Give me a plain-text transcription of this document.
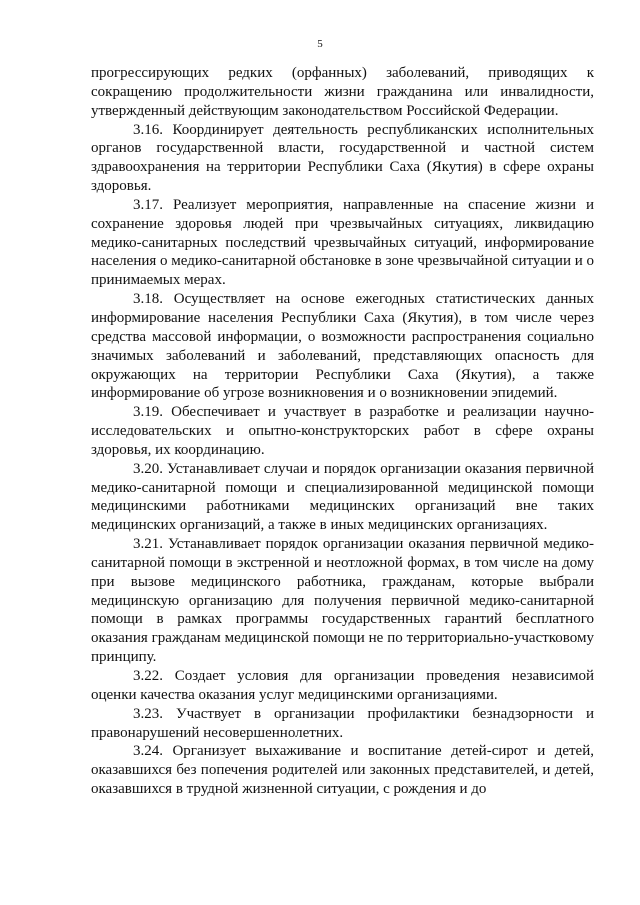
5

прогрессирующих редких (орфанных) заболеваний, приводящих к сокращению продолжительности жизни гражданина или инвалидности, утвержденный действующим законодательством Российской Федерации.

3.16. Координирует деятельность республиканских исполнительных органов государственной власти, государственной и частной систем здравоохранения на территории Республики Саха (Якутия) в сфере охраны здоровья.

3.17. Реализует мероприятия, направленные на спасение жизни и сохранение здоровья людей при чрезвычайных ситуациях, ликвидацию медико-санитарных последствий чрезвычайных ситуаций, информирование населения о медико-санитарной обстановке в зоне чрезвычайной ситуации и о принимаемых мерах.

3.18. Осуществляет на основе ежегодных статистических данных информирование населения Республики Саха (Якутия), в том числе через средства массовой информации, о возможности распространения социально значимых заболеваний и заболеваний, представляющих опасность для окружающих на территории Республики Саха (Якутия), а также информирование об угрозе возникновения и о возникновении эпидемий.

3.19. Обеспечивает и участвует в разработке и реализации научно-исследовательских и опытно-конструкторских работ в сфере охраны здоровья, их координацию.

3.20. Устанавливает случаи и порядок организации оказания первичной медико-санитарной помощи и специализированной медицинской помощи медицинскими работниками медицинских организаций вне таких медицинских организаций, а также в иных медицинских организациях.

3.21. Устанавливает порядок организации оказания первичной медико-санитарной помощи в экстренной и неотложной формах, в том числе на дому при вызове медицинского работника, гражданам, которые выбрали медицинскую организацию для получения первичной медико-санитарной помощи в рамках программы государственных гарантий бесплатного оказания гражданам медицинской помощи не по территориально-участковому принципу.

3.22. Создает условия для организации проведения независимой оценки качества оказания услуг медицинскими организациями.

3.23. Участвует в организации профилактики безнадзорности и правонарушений несовершеннолетних.

3.24. Организует выхаживание и воспитание детей-сирот и детей, оказавшихся без попечения родителей или законных представителей, и детей, оказавшихся в трудной жизненной ситуации, с рождения и до
